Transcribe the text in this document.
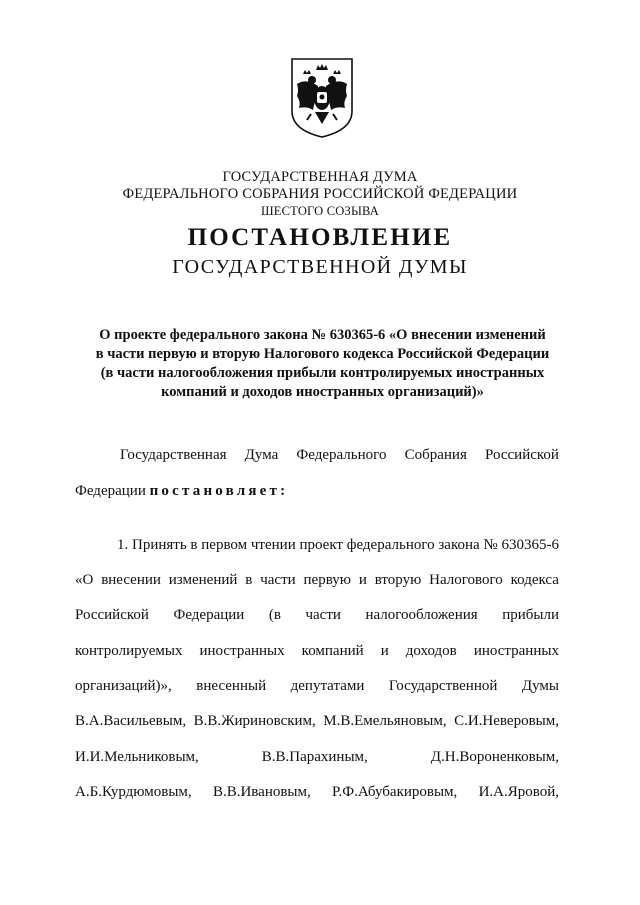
ГОСУДАРСТВЕННАЯ ДУМА
ФЕДЕРАЛЬНОГО СОБРАНИЯ РОССИЙСКОЙ ФЕДЕРАЦИИ
ШЕСТОГО СОЗЫВА
ПОСТАНОВЛЕНИЕ
ГОСУДАРСТВЕННОЙ ДУМЫ
О проекте федерального закона № 630365-6 «О внесении изменений
в части первую и вторую Налогового кодекса Российской Федерации
(в части налогообложения прибыли контролируемых иностранных
компаний и доходов иностранных организаций)»
Государственная Дума Федерального Собрания Российской
Федерации постановляет:
1. Принять в первом чтении проект федерального закона № 630365-6
«О внесении изменений в части первую и вторую Налогового кодекса
Российской Федерации (в части налогообложения прибыли
контролируемых иностранных компаний и доходов иностранных
организаций)», внесенный депутатами Государственной Думы
В.А.Васильевым, В.В.Жириновским, М.В.Емельяновым, С.И.Неверовым,
И.И.Мельниковым,	В.В.Парахиным,	Д.Н.Вороненковым,
А.Б.Курдюмовым, В.В.Ивановым, Р.Ф.Абубакировым, И.А.Яровой,
